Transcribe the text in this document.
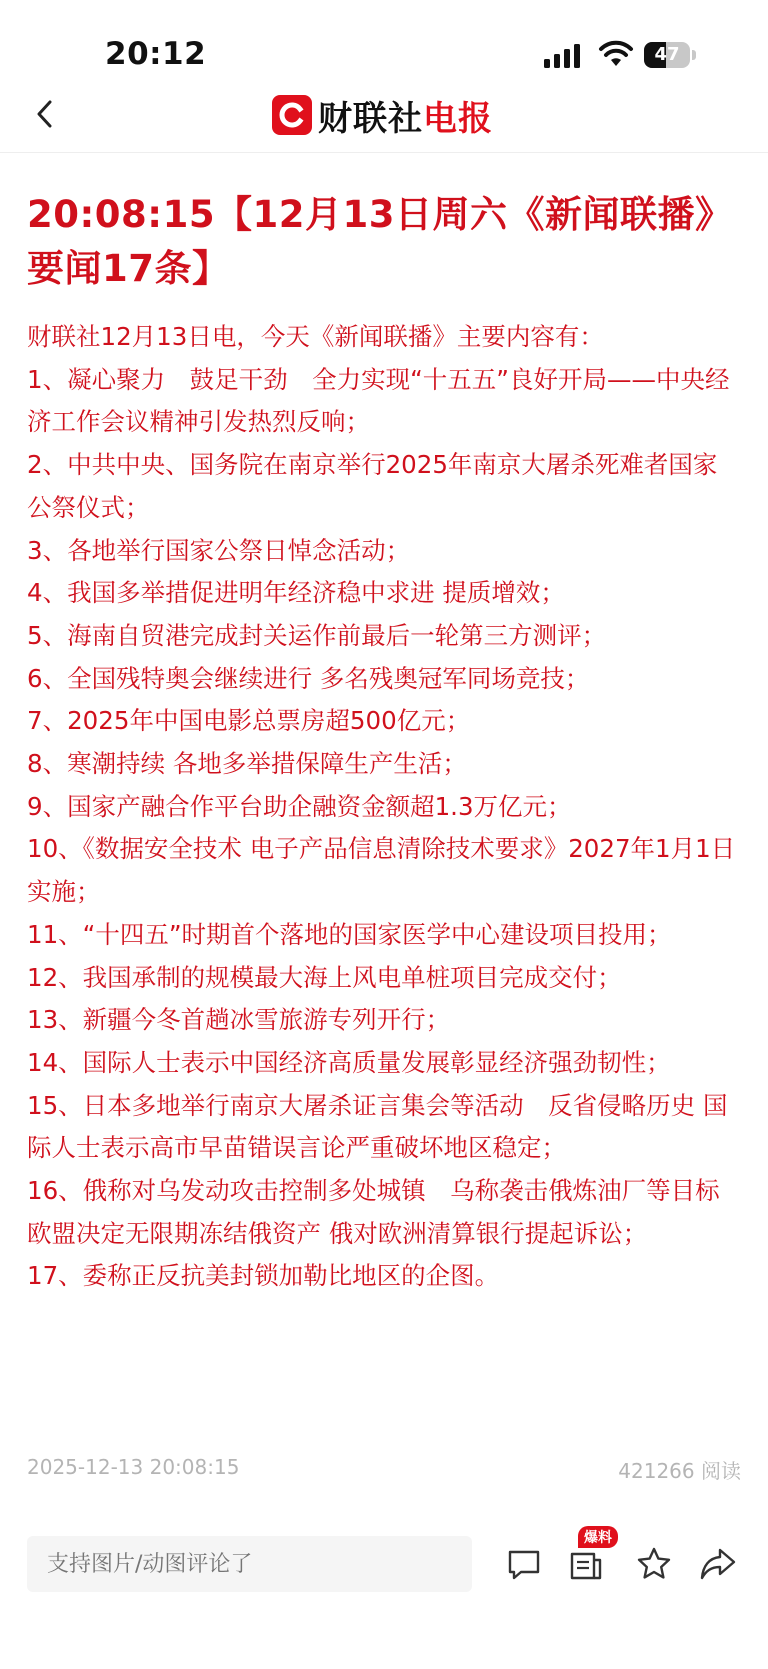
20:12	47
财联社电报
20:08:15【12月13日周六《新闻联播》要闻17条】

财联社12月13日电，今天《新闻联播》主要内容有：

1、凝心聚力　鼓足干劲　全力实现“十五五”良好开局——中央经济工作会议精神引发热烈反响；

2、中共中央、国务院在南京举行2025年南京大屠杀死难者国家公祭仪式；

3、各地举行国家公祭日悼念活动；

4、我国多举措促进明年经济稳中求进 提质增效；

5、海南自贸港完成封关运作前最后一轮第三方测评；

6、全国残特奥会继续进行 多名残奥冠军同场竞技；

7、2025年中国电影总票房超500亿元；

8、寒潮持续 各地多举措保障生产生活；

9、国家产融合作平台助企融资金额超1.3万亿元；

10、《数据安全技术 电子产品信息清除技术要求》2027年1月1日实施；

11、“十四五”时期首个落地的国家医学中心建设项目投用；

12、我国承制的规模最大海上风电单桩项目完成交付；

13、新疆今冬首趟冰雪旅游专列开行；

14、国际人士表示中国经济高质量发展彰显经济强劲韧性；

15、日本多地举行南京大屠杀证言集会等活动　反省侵略历史 国际人士表示高市早苗错误言论严重破坏地区稳定；

16、俄称对乌发动攻击控制多处城镇　乌称袭击俄炼油厂等目标 欧盟决定无限期冻结俄资产 俄对欧洲清算银行提起诉讼；

17、委称正反抗美封锁加勒比地区的企图。

2025-12-13 20:08:15	421266 阅读
支持图片/动图评论了
爆料
